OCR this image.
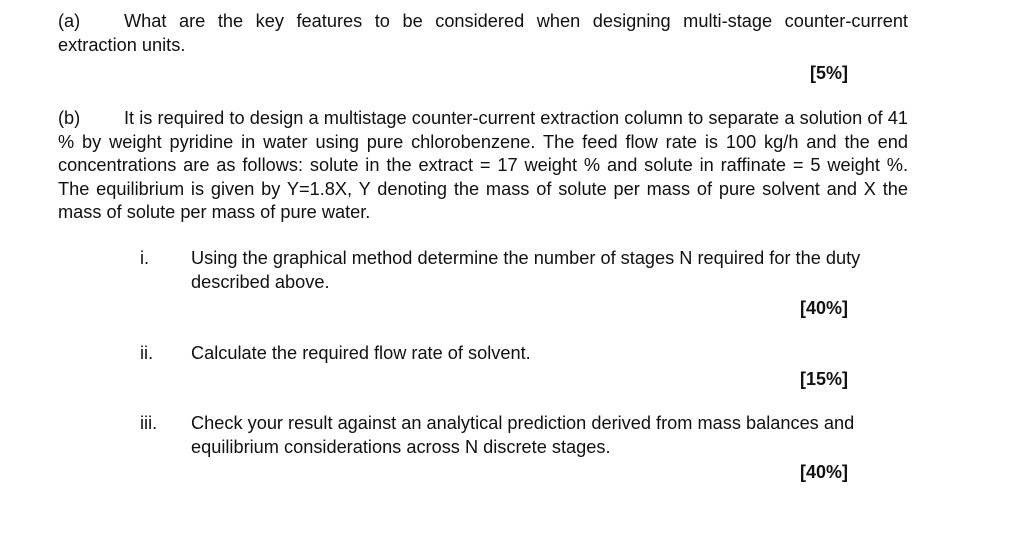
(a) What are the key features to be considered when designing multi-stage counter-current extraction units.
[5%]
(b) It is required to design a multistage counter-current extraction column to separate a solution of 41 % by weight pyridine in water using pure chlorobenzene. The feed flow rate is 100 kg/h and the end concentrations are as follows: solute in the extract = 17 weight % and solute in raffinate = 5 weight %. The equilibrium is given by Y=1.8X, Y denoting the mass of solute per mass of pure solvent and X the mass of solute per mass of pure water.
i.	Using the graphical method determine the number of stages N required for the duty described above.
[40%]
ii.	Calculate the required flow rate of solvent.
[15%]
iii.	Check your result against an analytical prediction derived from mass balances and equilibrium considerations across N discrete stages.
[40%]
